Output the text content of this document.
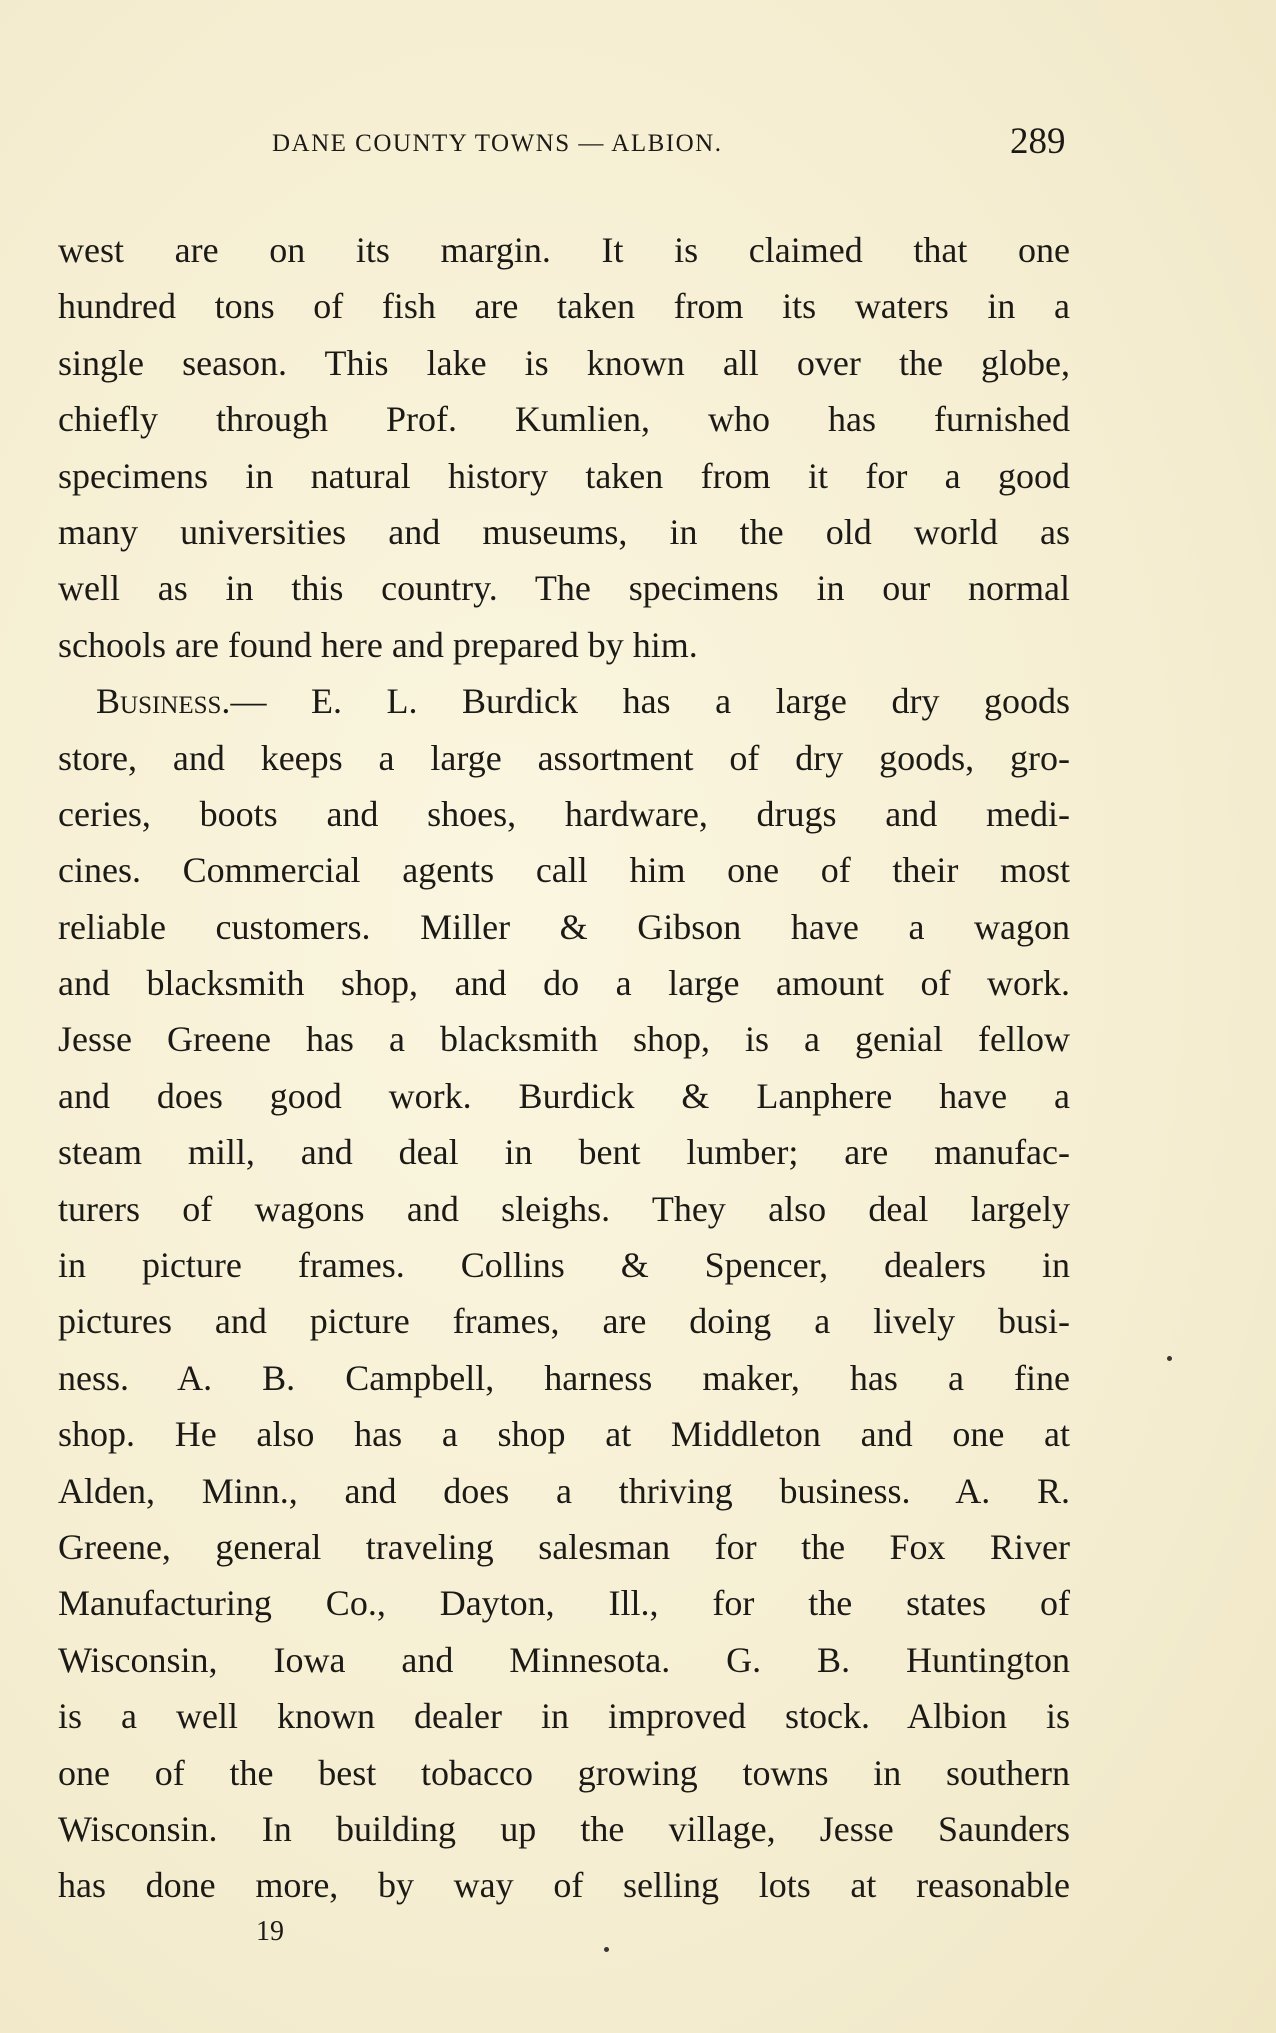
DANE COUNTY TOWNS — ALBION.	289
west are on its margin. It is claimed that one
hundred tons of fish are taken from its waters in a
single season. This lake is known all over the globe,
chiefly through Prof. Kumlien, who has furnished
specimens in natural history taken from it for a good
many universities and museums, in the old world as
well as in this country. The specimens in our normal
schools are found here and prepared by him.
Business.— E. L. Burdick has a large dry goods
store, and keeps a large assortment of dry goods, gro-
ceries, boots and shoes, hardware, drugs and medi-
cines. Commercial agents call him one of their most
reliable customers. Miller & Gibson have a wagon
and blacksmith shop, and do a large amount of work.
Jesse Greene has a blacksmith shop, is a genial fellow
and does good work. Burdick & Lanphere have a
steam mill, and deal in bent lumber; are manufac-
turers of wagons and sleighs. They also deal largely
in picture frames. Collins & Spencer, dealers in
pictures and picture frames, are doing a lively busi-
ness. A. B. Campbell, harness maker, has a fine
shop. He also has a shop at Middleton and one at
Alden, Minn., and does a thriving business. A. R.
Greene, general traveling salesman for the Fox River
Manufacturing Co., Dayton, Ill., for the states of
Wisconsin, Iowa and Minnesota. G. B. Huntington
is a well known dealer in improved stock. Albion is
one of the best tobacco growing towns in southern
Wisconsin. In building up the village, Jesse Saunders
has done more, by way of selling lots at reasonable
19
